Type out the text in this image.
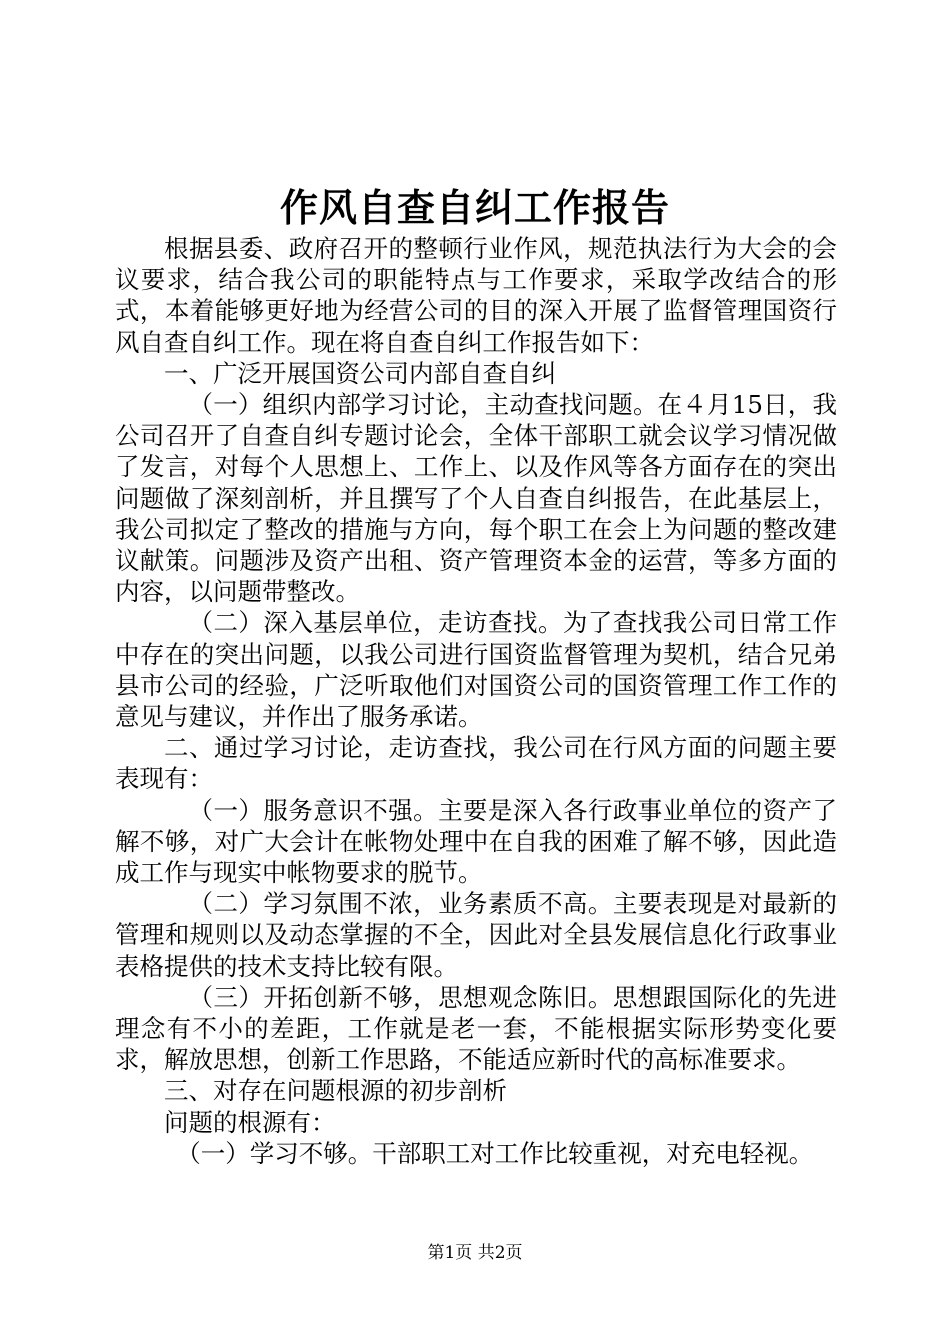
作风自查自纠工作报告

根据县委、政府召开的整顿行业作风，规范执法行为大会的会议要求，结合我公司的职能特点与工作要求，采取学改结合的形式，本着能够更好地为经营公司的目的深入开展了监督管理国资行风自查自纠工作。现在将自查自纠工作报告如下：

一、广泛开展国资公司内部自查自纠

（一）组织内部学习讨论，主动查找问题。在４月15日，我公司召开了自查自纠专题讨论会，全体干部职工就会议学习情况做了发言，对每个人思想上、工作上、以及作风等各方面存在的突出问题做了深刻剖析，并且撰写了个人自查自纠报告，在此基层上，我公司拟定了整改的措施与方向，每个职工在会上为问题的整改建议献策。问题涉及资产出租、资产管理资本金的运营，等多方面的内容，以问题带整改。

（二）深入基层单位，走访查找。为了查找我公司日常工作中存在的突出问题，以我公司进行国资监督管理为契机，结合兄弟县市公司的经验，广泛听取他们对国资公司的国资管理工作工作的意见与建议，并作出了服务承诺。

二、通过学习讨论，走访查找，我公司在行风方面的问题主要表现有：

（一）服务意识不强。主要是深入各行政事业单位的资产了解不够，对广大会计在帐物处理中在自我的困难了解不够，因此造成工作与现实中帐物要求的脱节。

（二）学习氛围不浓，业务素质不高。主要表现是对最新的管理和规则以及动态掌握的不全，因此对全县发展信息化行政事业表格提供的技术支持比较有限。

（三）开拓创新不够，思想观念陈旧。思想跟国际化的先进理念有不小的差距，工作就是老一套，不能根据实际形势变化要求，解放思想，创新工作思路，不能适应新时代的高标准要求。

三、对存在问题根源的初步剖析

问题的根源有：

（一）学习不够。干部职工对工作比较重视，对充电轻视。

第1页 共2页
